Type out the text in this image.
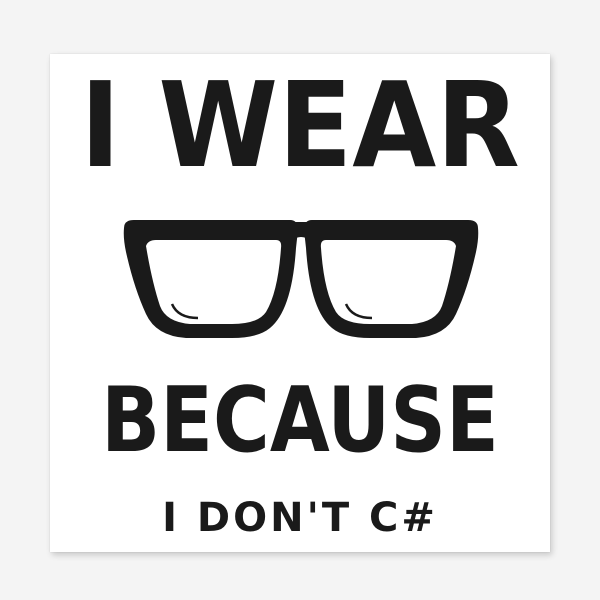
I WEAR
BECAUSE
I DON'T C#
